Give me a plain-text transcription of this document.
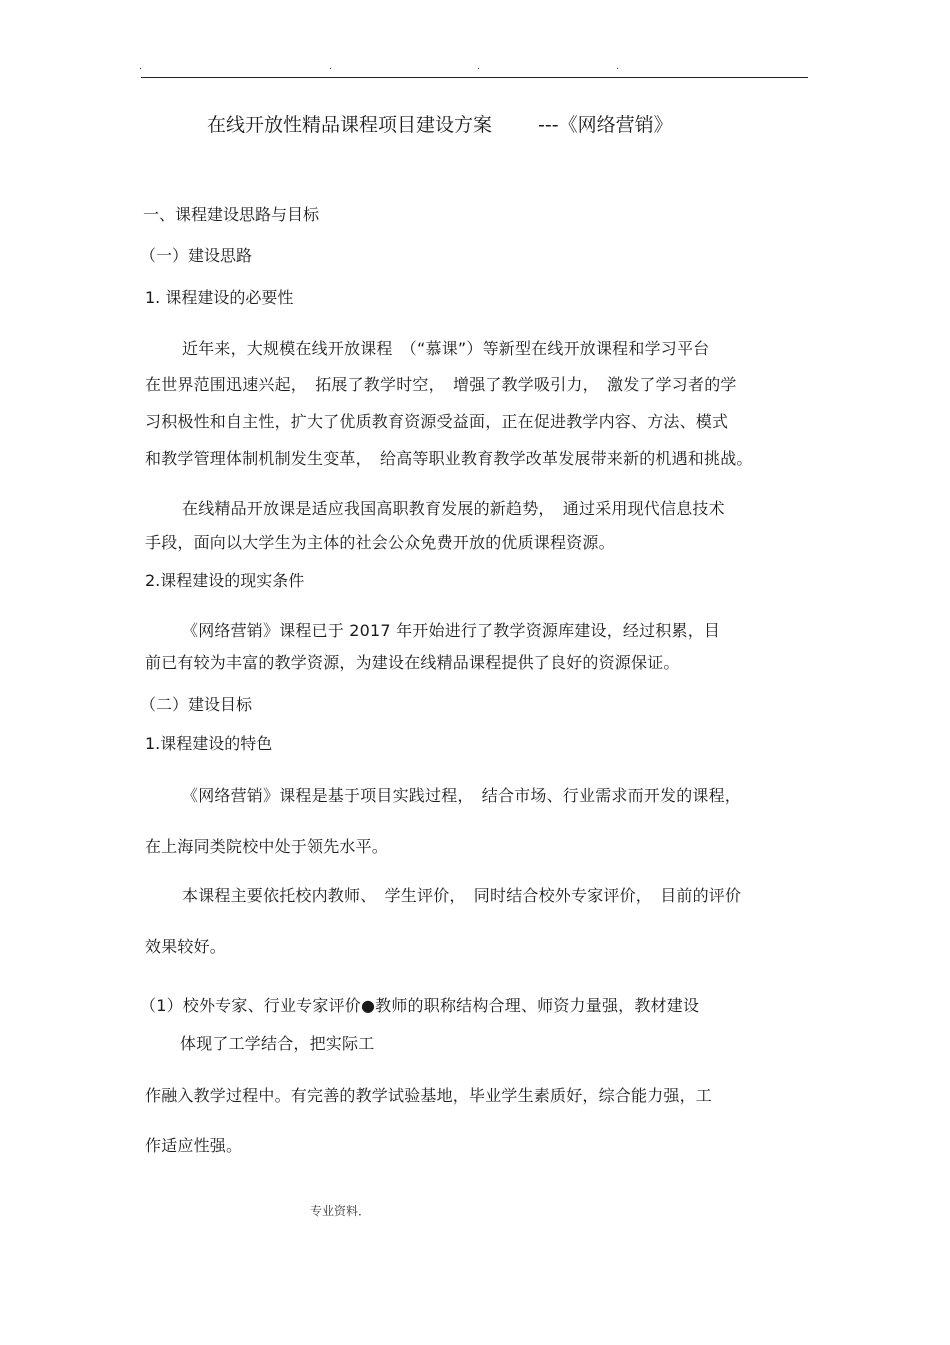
.	.	.	.
在线开放性精品课程项目建设方案 ---《网络营销》
一、课程建设思路与目标
（一）建设思路
1. 课程建设的必要性
近年来，大规模在线开放课程　（“慕课”）等新型在线开放课程和学习平台
在世界范围迅速兴起，　拓展了教学时空，　增强了教学吸引力，　激发了学习者的学
习积极性和自主性，扩大了优质教育资源受益面，正在促进教学内容、方法、模式
和教学管理体制机制发生变革，　给高等职业教育教学改革发展带来新的机遇和挑战。
在线精品开放课是适应我国高职教育发展的新趋势，　通过采用现代信息技术
手段，面向以大学生为主体的社会公众免费开放的优质课程资源。
2.课程建设的现实条件
《网络营销》课程已于 2017 年开始进行了教学资源库建设，经过积累，目
前已有较为丰富的教学资源，为建设在线精品课程提供了良好的资源保证。
（二）建设目标
1.课程建设的特色
《网络营销》课程是基于项目实践过程，　结合市场、行业需求而开发的课程，
在上海同类院校中处于领先水平。
本课程主要依托校内教师、　学生评价，　同时结合校外专家评价，　目前的评价
效果较好。
（1）校外专家、行业专家评价●教师的职称结构合理、师资力量强，教材建设
体现了工学结合，把实际工
作融入教学过程中。有完善的教学试验基地，毕业学生素质好，综合能力强，工
作适应性强。
专业资料．
